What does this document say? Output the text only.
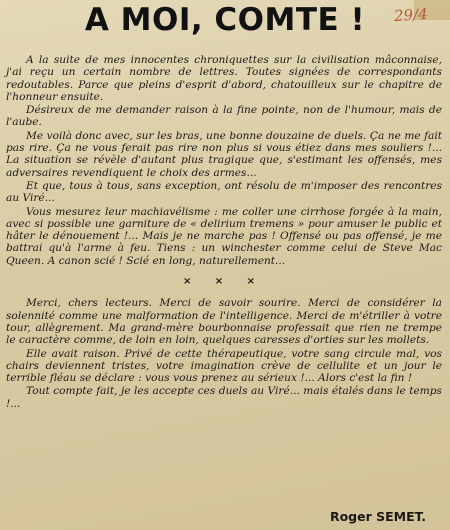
A MOI, COMTE !	29/4

A la suite de mes innocentes chroniquettes sur la civilisation mâconnaise, j'ai reçu un certain nombre de lettres. Toutes signées de correspondants redoutables. Parce que pleins d'esprit d'abord, chatouilleux sur le chapitre de l'honneur ensuite.

Désireux de me demander raison à la fine pointe, non de l'humour, mais de l'aube.

Me voilà donc avec, sur les bras, une bonne douzaine de duels. Ça ne me fait pas rire. Ça ne vous ferait pas rire non plus si vous étiez dans mes souliers !... La situation se révèle d'autant plus tragique que, s'estimant les offensés, mes adversaires revendiquent le choix des armes...

Et que, tous à tous, sans exception, ont résolu de m'imposer des rencontres au Viré...

Vous mesurez leur machiavélisme : me coller une cirrhose forgée à la main, avec si possible une garniture de « delirium tremens » pour amuser le public et hâter le dénouement !... Mais je ne marche pas ! Offensé ou pas offensé, je me battrai qu'à l'arme à feu. Tiens : un winchester comme celui de Steve Mac Queen. A canon scié ! Scié en long, naturellement...

× × ×

Merci, chers lecteurs. Merci de savoir sourire. Merci de considérer la solennité comme une malformation de l'intelligence. Merci de m'étriller à votre tour, allègrement. Ma grand-mère bourbonnaise professait que rien ne trempe le caractère comme, de loin en loin, quelques caresses d'orties sur les mollets.

Elle avait raison. Privé de cette thérapeutique, votre sang circule mal, vos chairs deviennent tristes, votre imagination crève de cellulite et un jour le terrible fléau se déclare : vous vous prenez au sérieux !... Alors c'est la fin !

Tout compte fait, je les accepte ces duels au Viré... mais étalés dans le temps !...

Roger SEMET.
